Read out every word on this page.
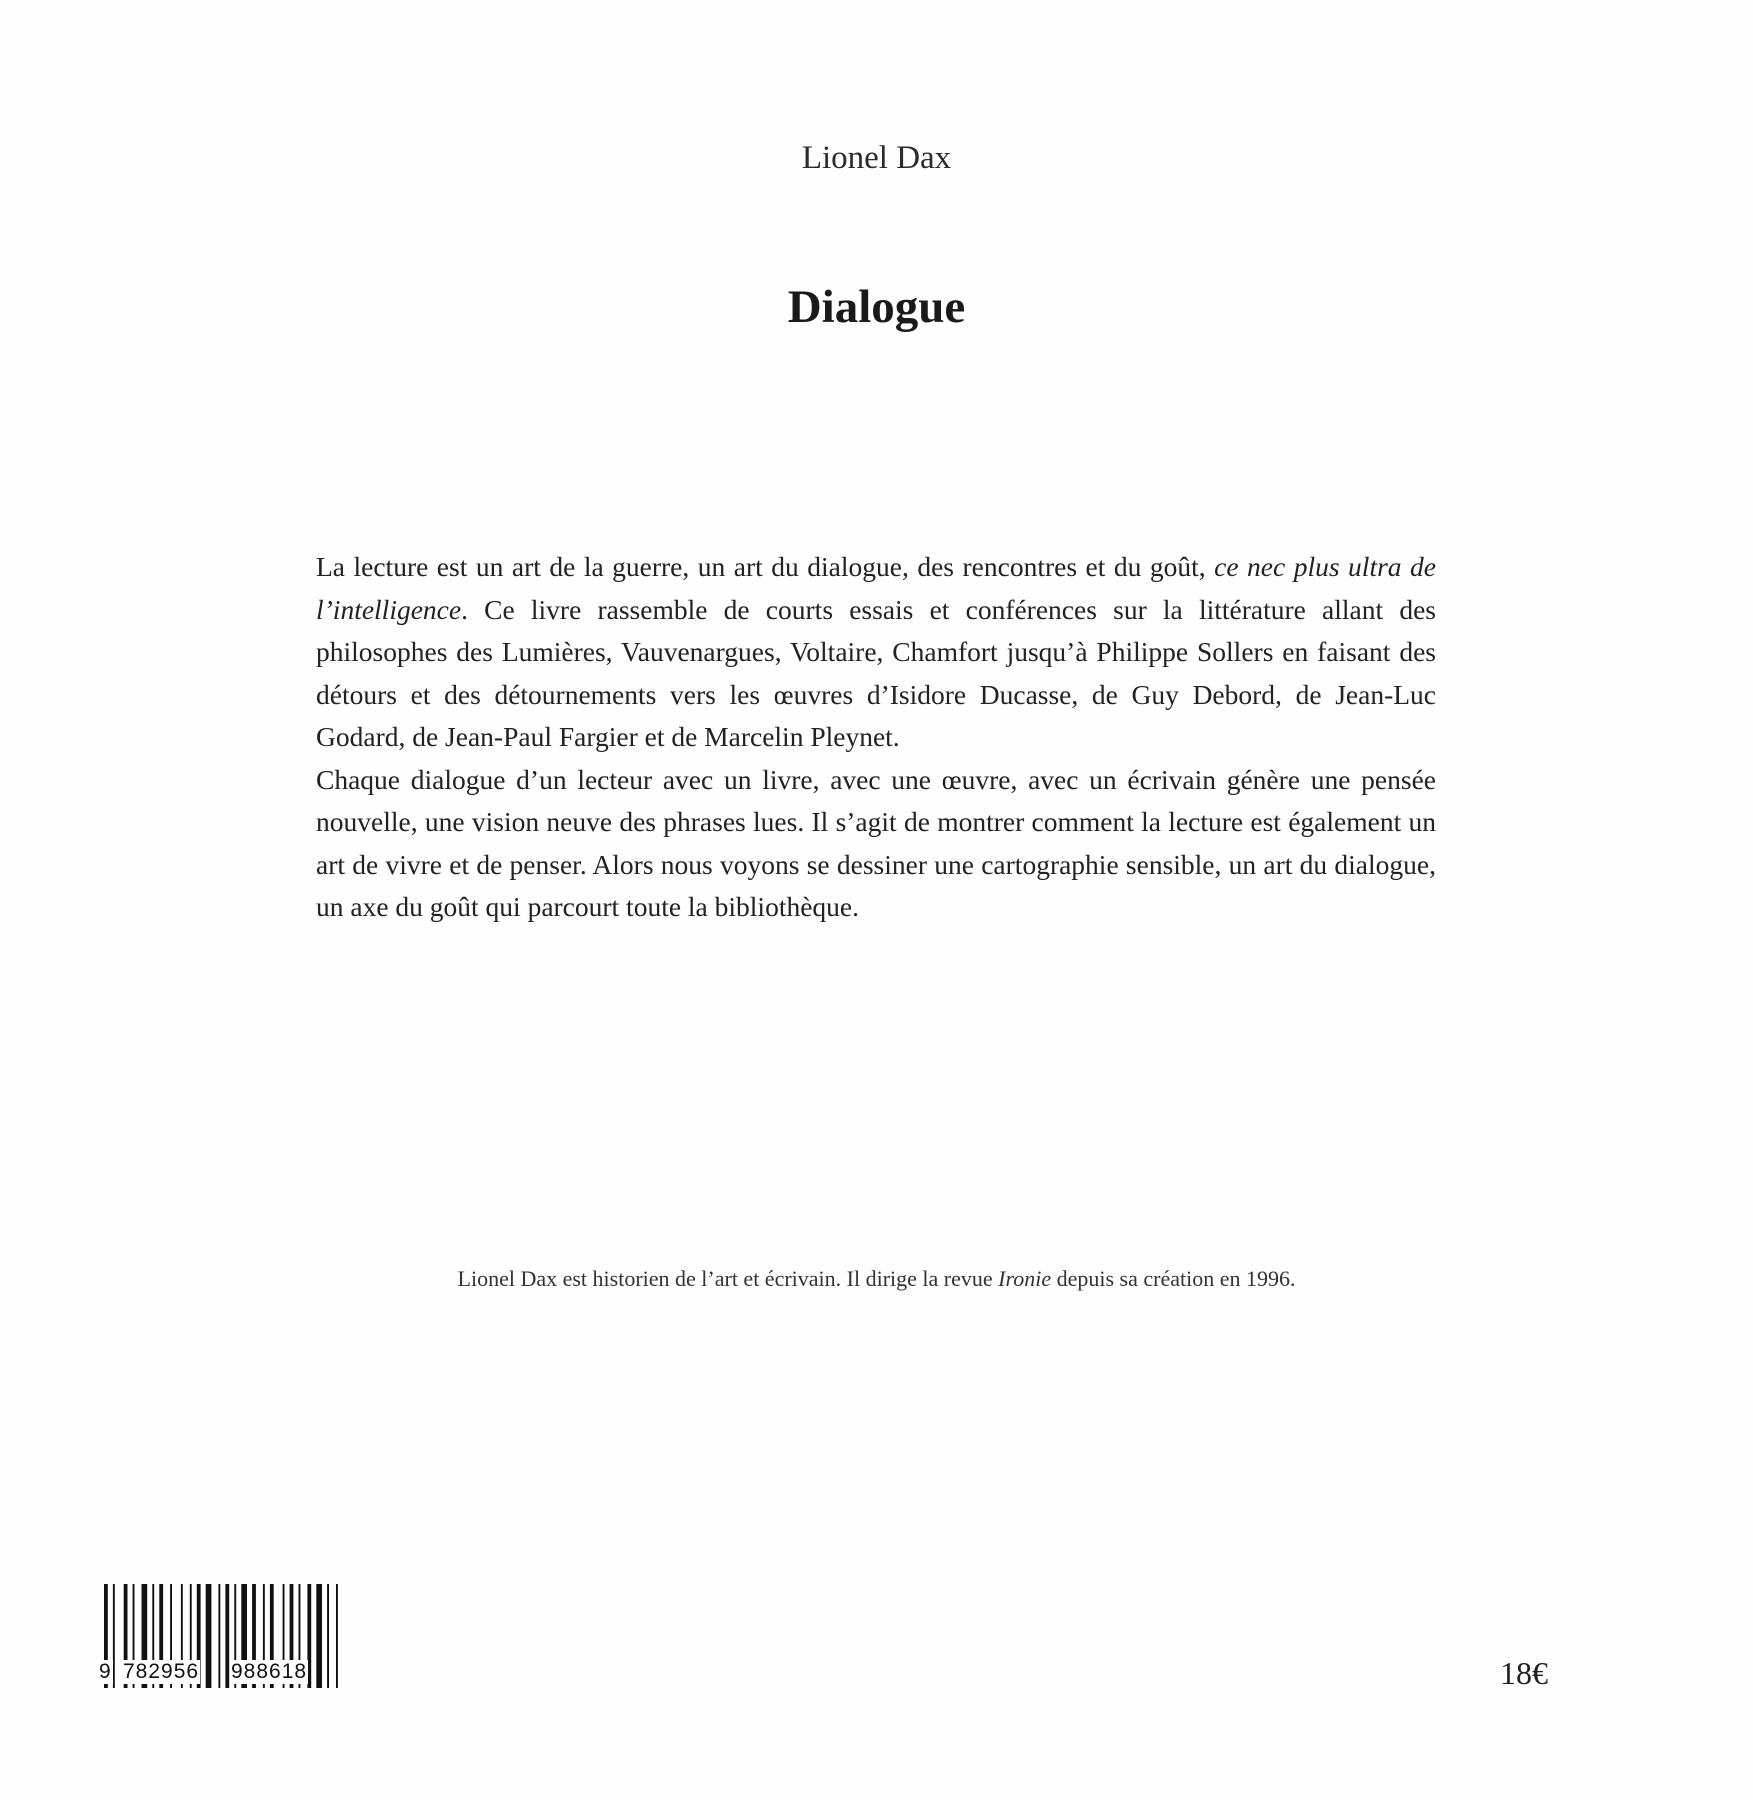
Lionel Dax
Dialogue

La lecture est un art de la guerre, un art du dialogue, des rencontres et du goût, ce nec plus ultra de l’intelligence. Ce livre rassemble de courts essais et conférences sur la littérature allant des philosophes des Lumières, Vauvenargues, Voltaire, Chamfort jusqu’à Philippe Sollers en faisant des détours et des détournements vers les œuvres d’Isidore Ducasse, de Guy Debord, de Jean-Luc Godard, de Jean-Paul Fargier et de Marcelin Pleynet.

Chaque dialogue d’un lecteur avec un livre, avec une œuvre, avec un écrivain génère une pensée nouvelle, une vision neuve des phrases lues. Il s’agit de montrer comment la lecture est également un art de vivre et de penser. Alors nous voyons se dessiner une cartographie sensible, un art du dialogue, un axe du goût qui parcourt toute la bibliothèque.

Lionel Dax est historien de l’art et écrivain. Il dirige la revue Ironie depuis sa création en 1996.
9 782956 988618	18€
